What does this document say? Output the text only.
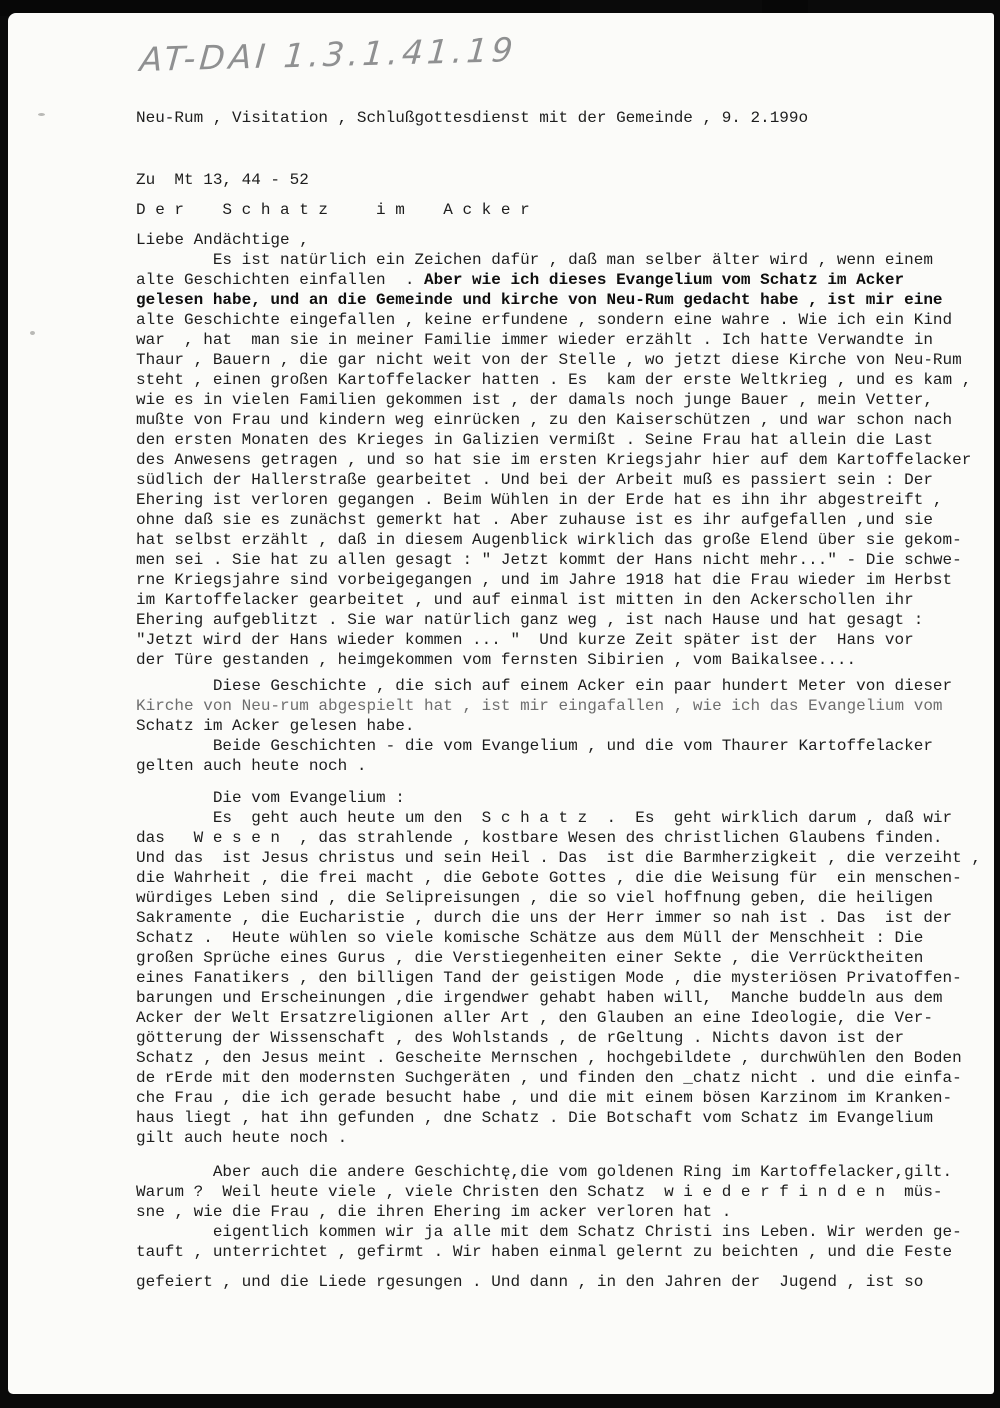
AT-DAI 1.3.1.41.19
Neu-Rum , Visitation , Schlußgottesdienst mit der Gemeinde , 9. 2.199o
Zu  Mt 13, 44 - 52
D e r    S c h a t z     i m    A c k e r
Liebe Andächtige ,
Es ist natürlich ein Zeichen dafür , daß man selber älter wird , wenn einem
alte Geschichten einfallen  . Aber wie ich dieses Evangelium vom Schatz im Acker
gelesen habe, und an die Gemeinde und kirche von Neu-Rum gedacht habe , ist mir eine
alte Geschichte eingefallen , keine erfundene , sondern eine wahre . Wie ich ein Kind
war  , hat  man sie in meiner Familie immer wieder erzählt . Ich hatte Verwandte in
Thaur , Bauern , die gar nicht weit von der Stelle , wo jetzt diese Kirche von Neu-Rum
steht , einen großen Kartoffelacker hatten . Es  kam der erste Weltkrieg , und es kam ,
wie es in vielen Familien gekommen ist , der damals noch junge Bauer , mein Vetter,
mußte von Frau und kindern weg einrücken , zu den Kaiserschützen , und war schon nach
den ersten Monaten des Krieges in Galizien vermißt . Seine Frau hat allein die Last
des Anwesens getragen , und so hat sie im ersten Kriegsjahr hier auf dem Kartoffelacker
südlich der Hallerstraße gearbeitet . Und bei der Arbeit muß es passiert sein : Der
Ehering ist verloren gegangen . Beim Wühlen in der Erde hat es ihn ihr abgestreift ,
ohne daß sie es zunächst gemerkt hat . Aber zuhause ist es ihr aufgefallen ,und sie
hat selbst erzählt , daß in diesem Augenblick wirklich das große Elend über sie gekom-
men sei . Sie hat zu allen gesagt : " Jetzt kommt der Hans nicht mehr..." - Die schwe-
rne Kriegsjahre sind vorbeigegangen , und im Jahre 1918 hat die Frau wieder im Herbst
im Kartoffelacker gearbeitet , und auf einmal ist mitten in den Ackerschollen ihr
Ehering aufgeblitzt . Sie war natürlich ganz weg , ist nach Hause und hat gesagt :
"Jetzt wird der Hans wieder kommen ... "  Und kurze Zeit später ist der  Hans vor
der Türe gestanden , heimgekommen vom fernsten Sibirien , vom Baikalsee....
Diese Geschichte , die sich auf einem Acker ein paar hundert Meter von dieser
Kirche von Neu-rum abgespielt hat , ist mir eingafallen , wie ich das Evangelium vom
Schatz im Acker gelesen habe.
Beide Geschichten - die vom Evangelium , und die vom Thaurer Kartoffelacker
gelten auch heute noch .
Die vom Evangelium :
Es  geht auch heute um den  S c h a t z  .  Es  geht wirklich darum , daß wir
das   W e s e n  , das strahlende , kostbare Wesen des christlichen Glaubens finden.
Und das  ist Jesus christus und sein Heil . Das  ist die Barmherzigkeit , die verzeiht ,
die Wahrheit , die frei macht , die Gebote Gottes , die die Weisung für  ein menschen-
würdiges Leben sind , die Selipreisungen , die so viel hoffnung geben, die heiligen
Sakramente , die Eucharistie , durch die uns der Herr immer so nah ist . Das  ist der
Schatz .  Heute wühlen so viele komische Schätze aus dem Müll der Menschheit : Die
großen Sprüche eines Gurus , die Verstiegenheiten einer Sekte , die Verrücktheiten
eines Fanatikers , den billigen Tand der geistigen Mode , die mysteriösen Privatoffen-
barungen und Erscheinungen ,die irgendwer gehabt haben will,  Manche buddeln aus dem
Acker der Welt Ersatzreligionen aller Art , den Glauben an eine Ideologie, die Ver-
götterung der Wissenschaft , des Wohlstands , de rGeltung . Nichts davon ist der
Schatz , den Jesus meint . Gescheite Mernschen , hochgebildete , durchwühlen den Boden
de rErde mit den modernsten Suchgeräten , und finden den _chatz nicht . und die einfa-
che Frau , die ich gerade besucht habe , und die mit einem bösen Karzinom im Kranken-
haus liegt , hat ihn gefunden , dne Schatz . Die Botschaft vom Schatz im Evangelium
gilt auch heute noch .
Aber auch die andere Geschichtę,die vom goldenen Ring im Kartoffelacker,gilt.
Warum ?  Weil heute viele , viele Christen den Schatz  w i e d e r f i n d e n  müs-
sne , wie die Frau , die ihren Ehering im acker verloren hat .
eigentlich kommen wir ja alle mit dem Schatz Christi ins Leben. Wir werden ge-
tauft , unterrichtet , gefirmt . Wir haben einmal gelernt zu beichten , und die Feste
gefeiert , und die Liede rgesungen . Und dann , in den Jahren der  Jugend , ist so
